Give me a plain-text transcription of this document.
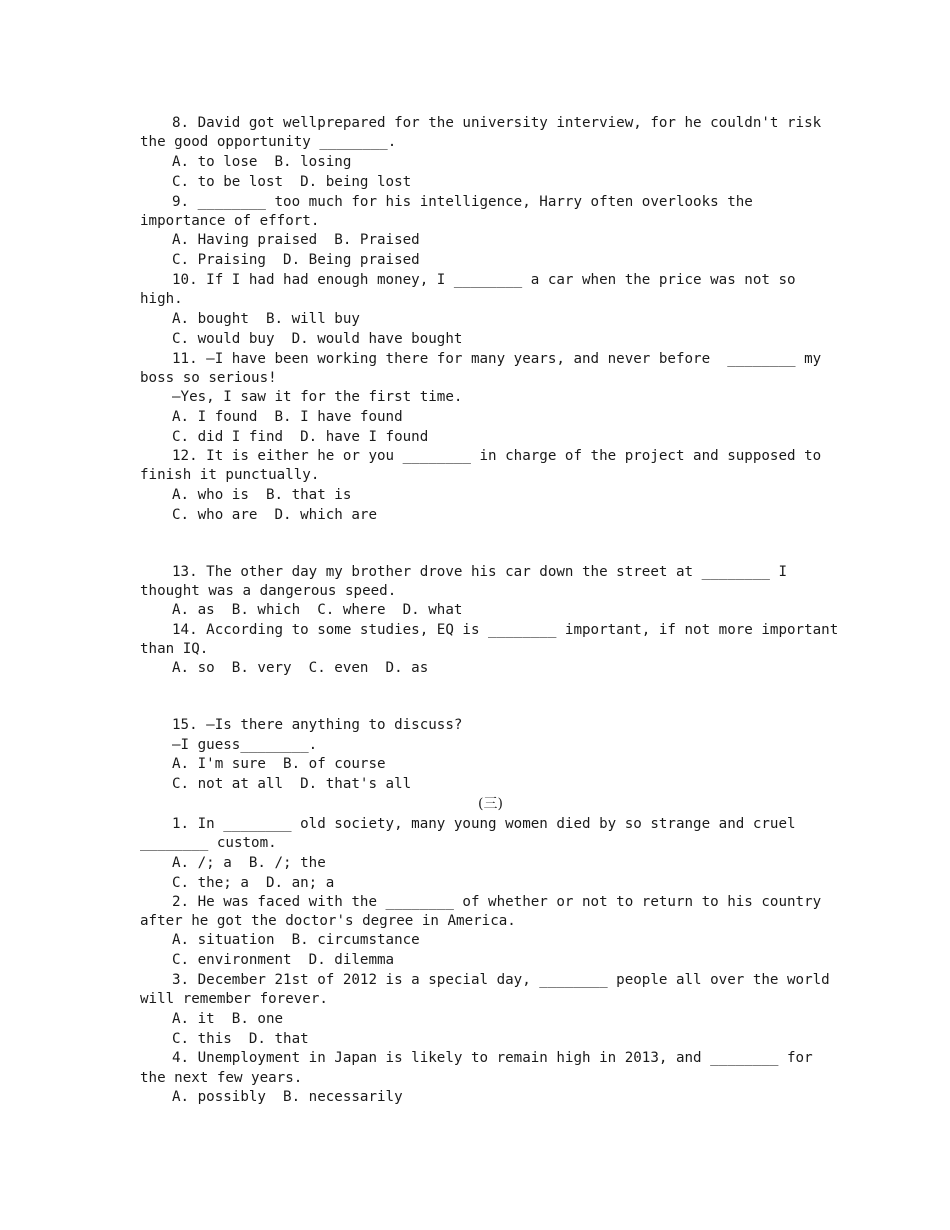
8. David got wellprepared for the university interview, for he couldn't risk
the good opportunity ________.
A. to lose  B. losing
C. to be lost  D. being lost
9. ________ too much for his intelligence, Harry often overlooks the
importance of effort.
A. Having praised  B. Praised
C. Praising  D. Being praised
10. If I had had enough money, I ________ a car when the price was not so
high.
A. bought  B. will buy
C. would buy  D. would have bought
11. —I have been working there for many years, and never before  ________ my
boss so serious!
—Yes, I saw it for the first time.
A. I found  B. I have found
C. did I find  D. have I found
12. It is either he or you ________ in charge of the project and supposed to
finish it punctually.
A. who is  B. that is
C. who are  D. which are
13. The other day my brother drove his car down the street at ________ I
thought was a dangerous speed.
A. as  B. which  C. where  D. what
14. According to some studies, EQ is ________ important, if not more important
than IQ.
A. so  B. very  C. even  D. as
15. —Is there anything to discuss?
—I guess________.
A. I'm sure  B. of course
C. not at all  D. that's all
(三)
1. In ________ old society, many young women died by so strange and cruel
________ custom.
A. /; a  B. /; the
C. the; a  D. an; a
2. He was faced with the ________ of whether or not to return to his country
after he got the doctor's degree in America.
A. situation  B. circumstance
C. environment  D. dilemma
3. December 21st of 2012 is a special day, ________ people all over the world
will remember forever.
A. it  B. one
C. this  D. that
4. Unemployment in Japan is likely to remain high in 2013, and ________ for
the next few years.
A. possibly  B. necessarily
